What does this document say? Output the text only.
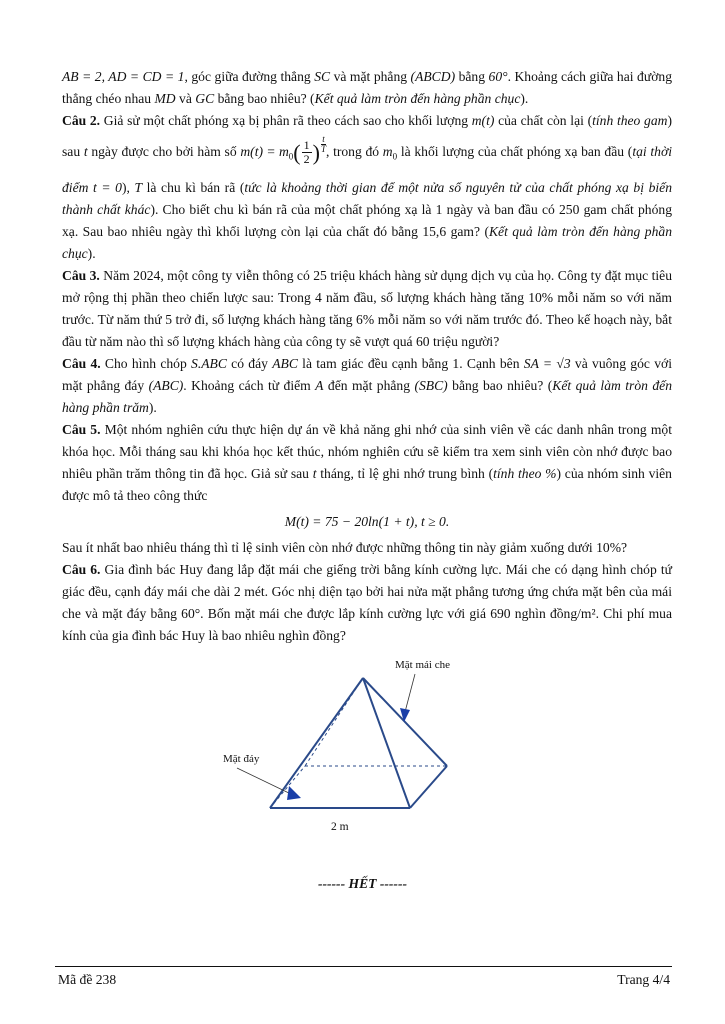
AB = 2, AD = CD = 1, góc giữa đường thẳng SC và mặt phẳng (ABCD) bằng 60°. Khoảng cách giữa hai đường thẳng chéo nhau MD và GC bằng bao nhiêu? (Kết quả làm tròn đến hàng phần chục).

Câu 2. Giả sử một chất phóng xạ bị phân rã theo cách sao cho khối lượng m(t) của chất còn lại (tính theo gam) sau t ngày được cho bởi hàm số $m(t) = m_0( \frac{1}{2}$ ) $\frac{t}{T}$ , trong đó $m_0$ là khối lượng của chất phóng xạ ban đầu (tại thời điểm t = 0), T là chu kì bán rã (tức là khoảng thời gian để một nửa số nguyên tử của chất phóng xạ bị biến thành chất khác). Cho biết chu kì bán rã của một chất phóng xạ là 1 ngày và ban đầu có 250 gam chất phóng xạ. Sau bao nhiêu ngày thì khối lượng còn lại của chất đó bằng 15,6 gam? (Kết quả làm tròn đến hàng phần chục).

Câu 3. Năm 2024, một công ty viễn thông có 25 triệu khách hàng sử dụng dịch vụ của họ. Công ty đặt mục tiêu mở rộng thị phần theo chiến lược sau: Trong 4 năm đầu, số lượng khách hàng tăng 10% mỗi năm so với năm trước. Từ năm thứ 5 trở đi, số lượng khách hàng tăng 6% mỗi năm so với năm trước đó. Theo kế hoạch này, bắt đầu từ năm nào thì số lượng khách hàng của công ty sẽ vượt quá 60 triệu người?

Câu 4. Cho hình chóp S.ABC có đáy ABC là tam giác đều cạnh bằng 1. Cạnh bên SA = √3 và vuông góc với mặt phẳng đáy (ABC). Khoảng cách từ điểm A đến mặt phẳng (SBC) bằng bao nhiêu? (Kết quả làm tròn đến hàng phần trăm).

Câu 5. Một nhóm nghiên cứu thực hiện dự án về khả năng ghi nhớ của sinh viên về các danh nhân trong một khóa học. Mỗi tháng sau khi khóa học kết thúc, nhóm nghiên cứu sẽ kiểm tra xem sinh viên còn nhớ được bao nhiêu phần trăm thông tin đã học. Giả sử sau t tháng, tỉ lệ ghi nhớ trung bình (tính theo %) của nhóm sinh viên được mô tả theo công thức

M(t) = 75 − 20ln(1 + t), t ≥ 0.

Sau ít nhất bao nhiêu tháng thì tỉ lệ sinh viên còn nhớ được những thông tin này giảm xuống dưới 10%?

Câu 6. Gia đình bác Huy đang lắp đặt mái che giếng trời bằng kính cường lực. Mái che có dạng hình chóp tứ giác đều, cạnh đáy mái che dài 2 mét. Góc nhị diện tạo bởi hai nửa mặt phẳng tương ứng chứa mặt bên của mái che và mặt đáy bằng 60°. Bốn mặt mái che được lắp kính cường lực với giá 690 nghìn đồng/m². Chi phí mua kính của gia đình bác Huy là bao nhiêu nghìn đồng?

Mặt mái che
Mặt đáy
2 m
------ HẾT ------
Mã đề 238	Trang 4/4
